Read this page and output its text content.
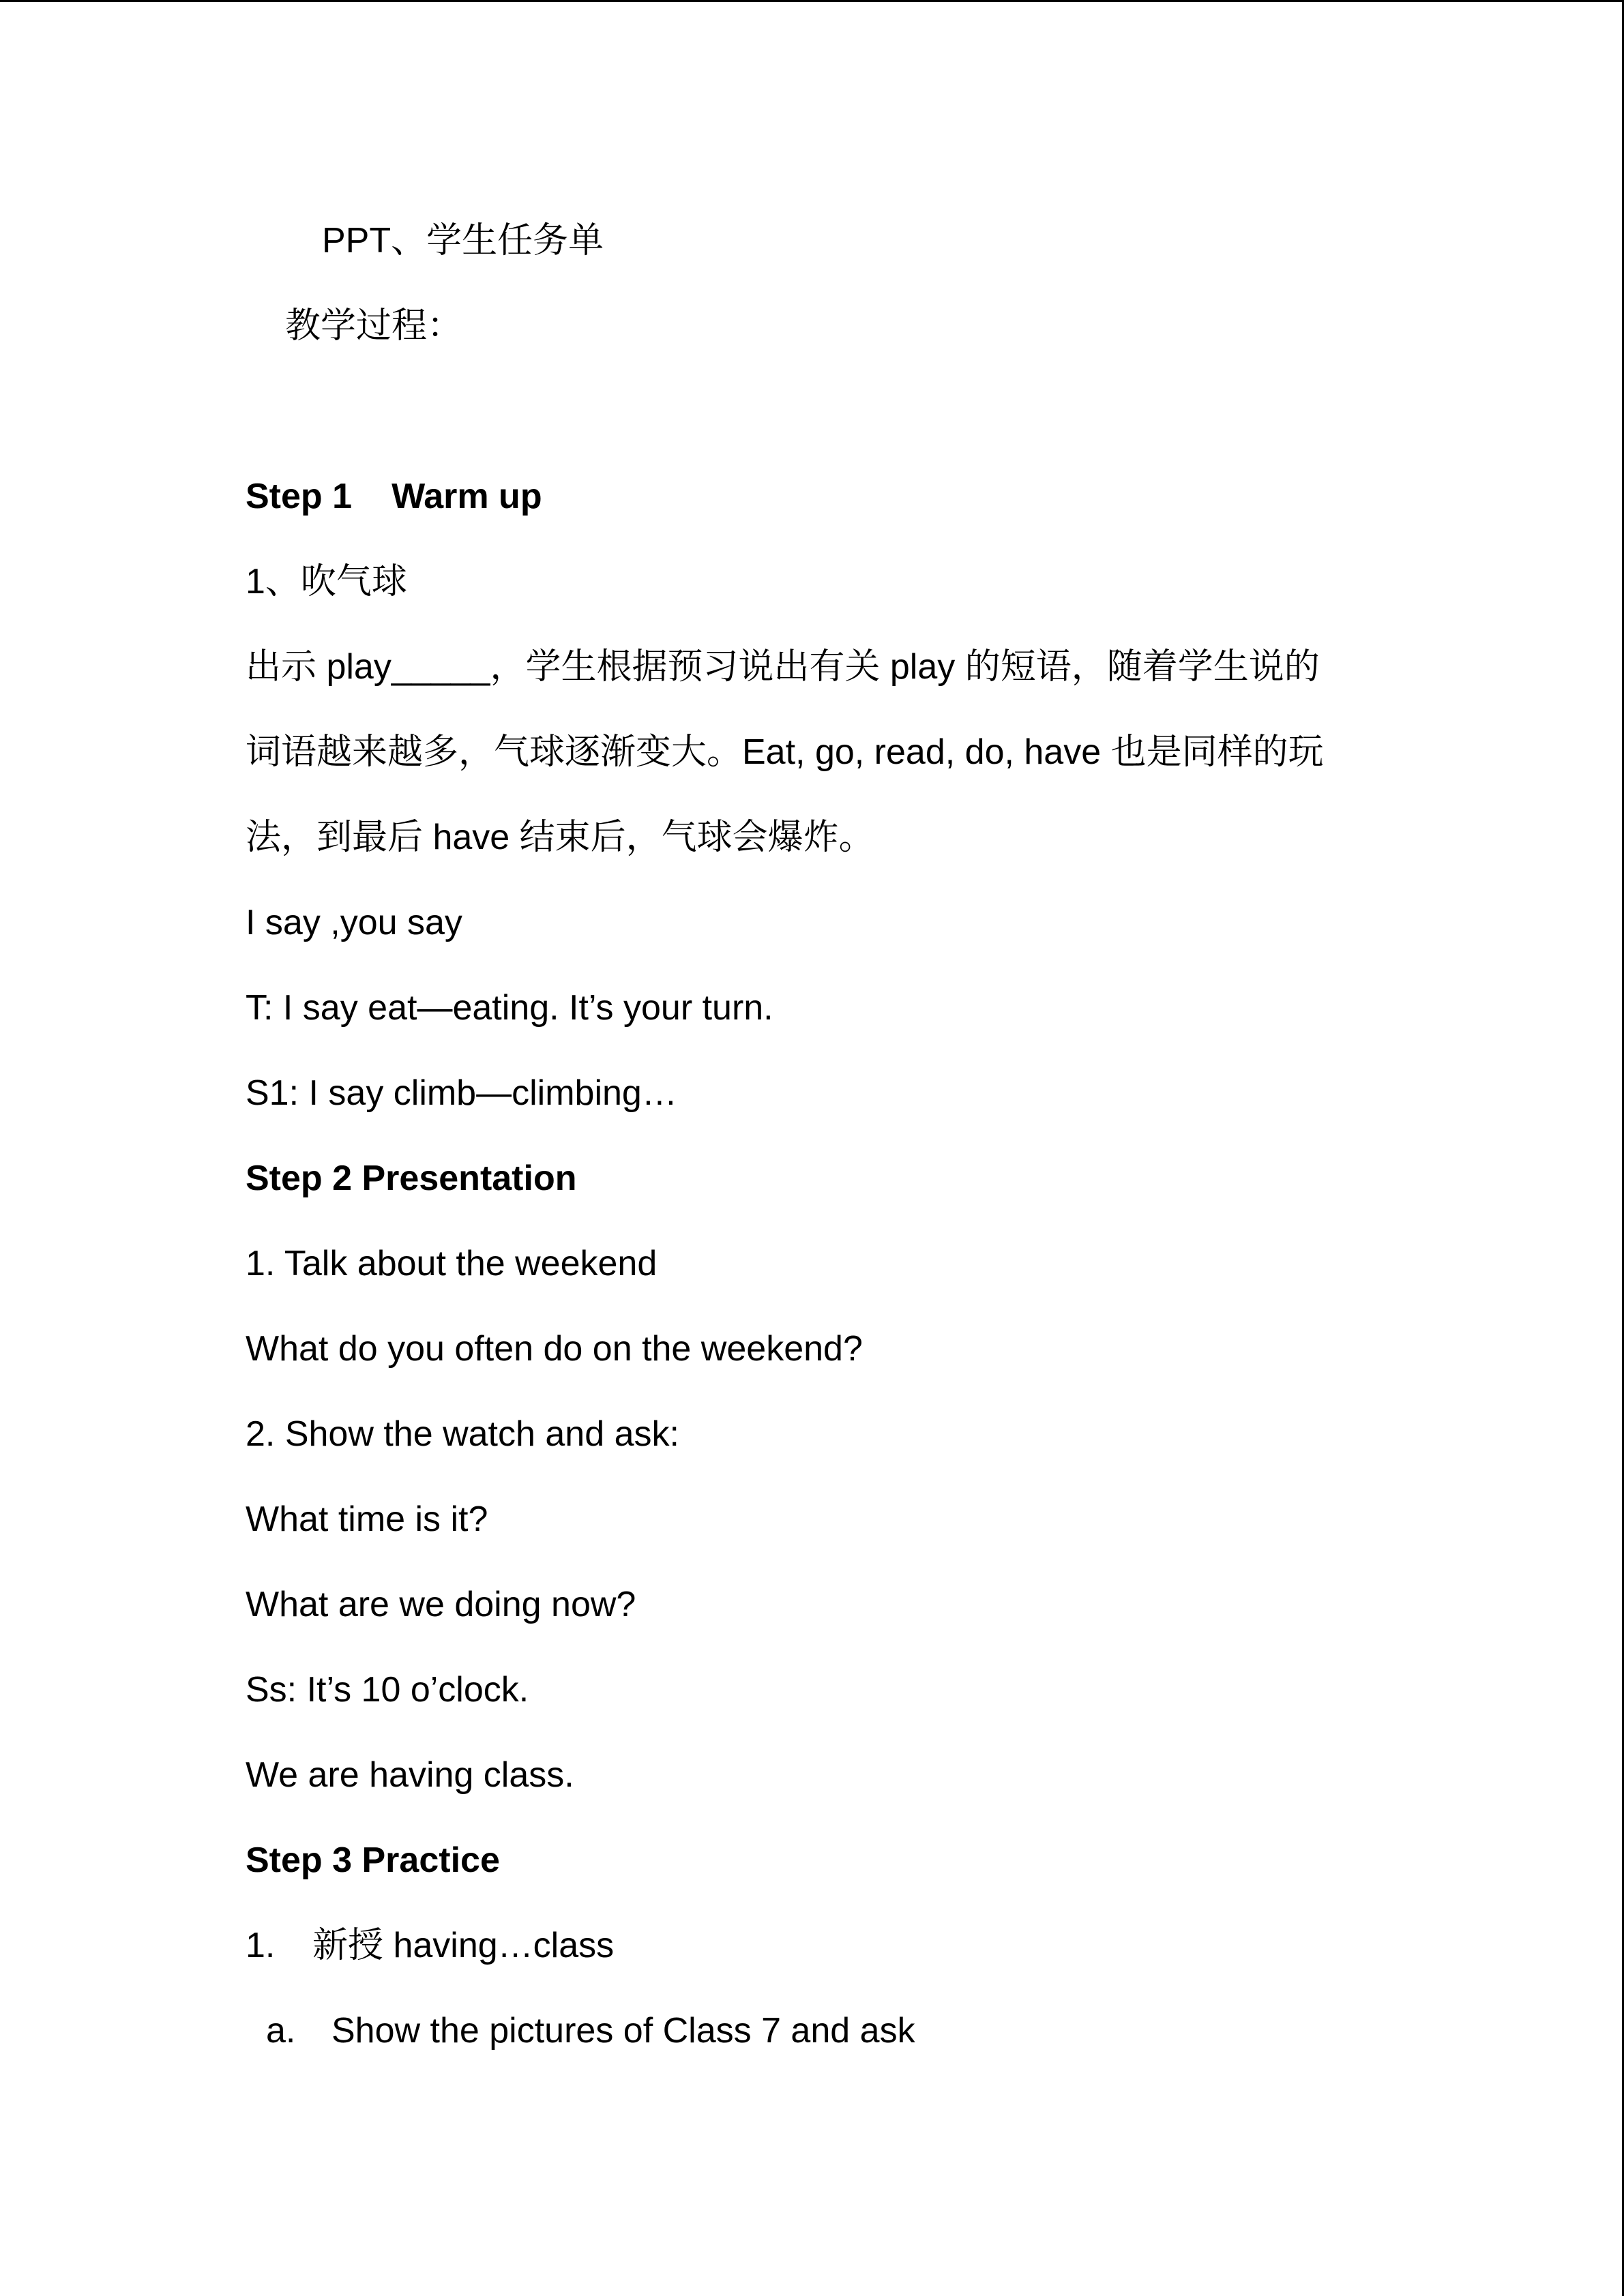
PPT、学生任务单
教学过程：
Step 1 Warm up
1、吹气球
出示 play_____，学生根据预习说出有关 play 的短语，随着学生说的
词语越来越多，气球逐渐变大。Eat, go, read, do, have 也是同样的玩
法，到最后 have 结束后，气球会爆炸。
I say ,you say
T: I say eat—eating. It’s your turn.
S1: I say climb—climbing…
Step 2 Presentation
1. Talk about the weekend
What do you often do on the weekend?
2. Show the watch and ask:
What time is it?
What are we doing now?
Ss: It’s 10 o’clock.
We are having class.
Step 3 Practice
1. 新授 having…class
a. Show the pictures of Class 7 and ask
